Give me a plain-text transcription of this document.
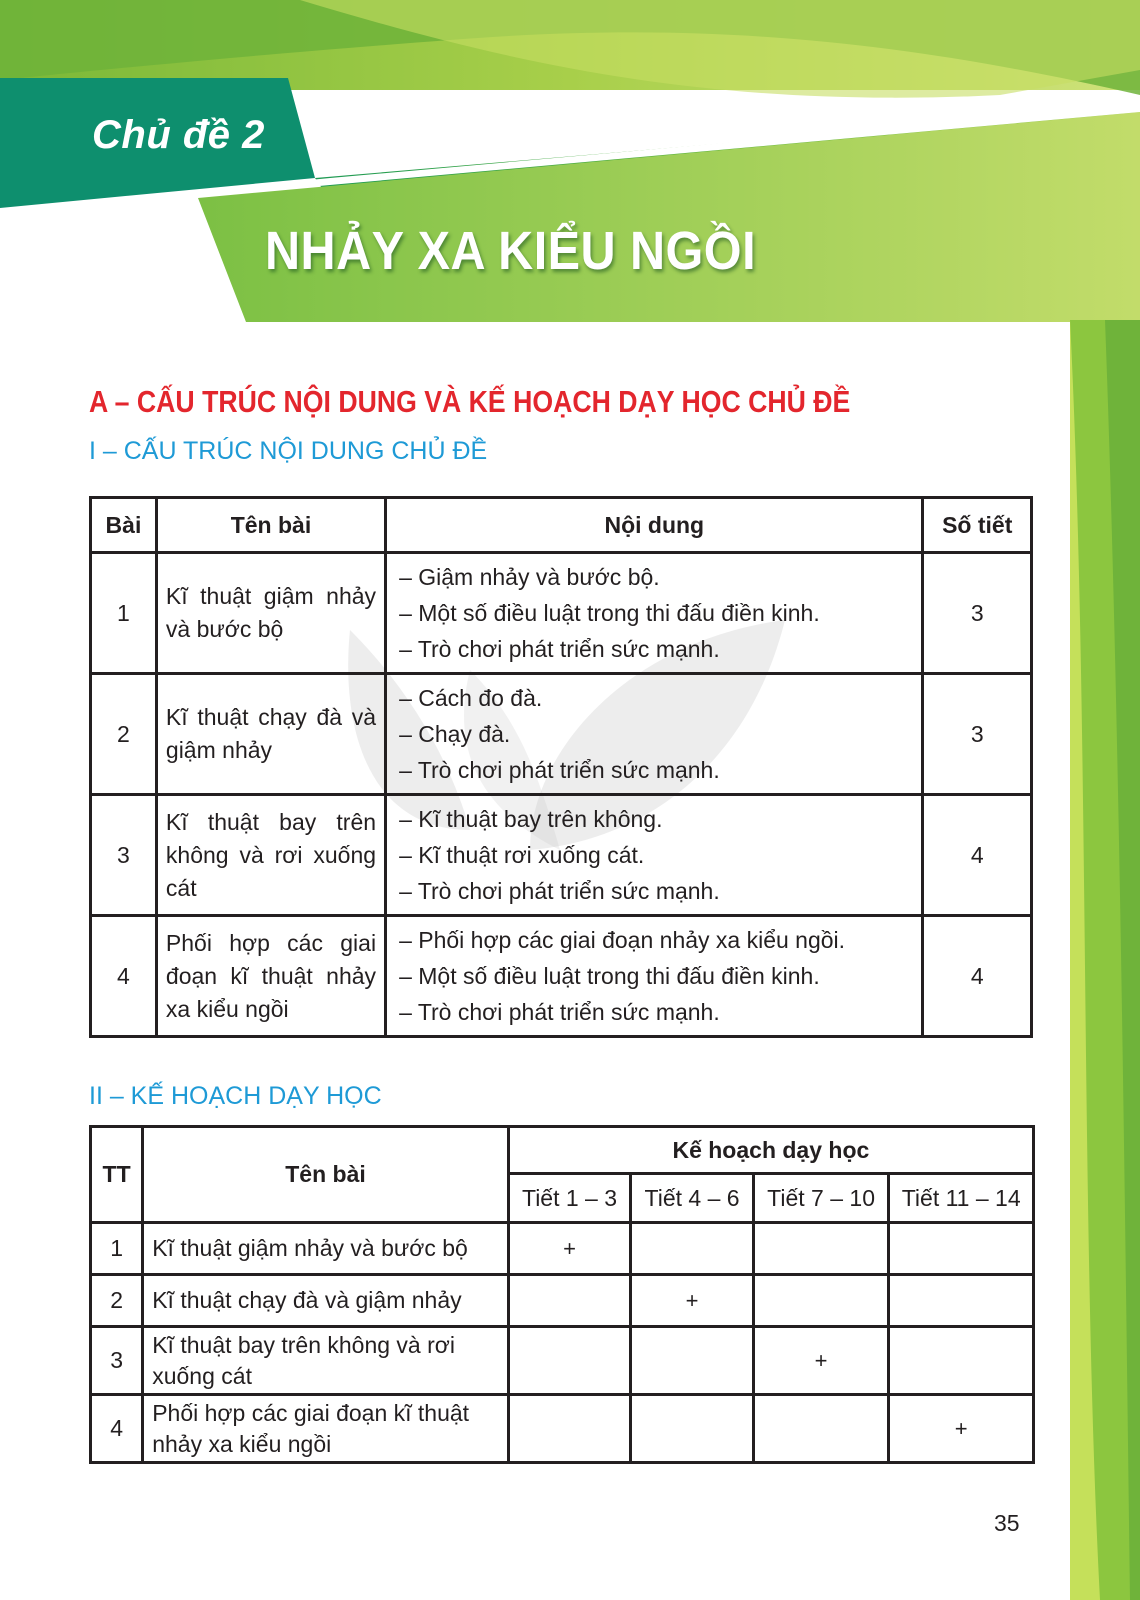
Chủ đề 2
NHẢY XA KIỂU NGỒI
A – CẤU TRÚC NỘI DUNG VÀ KẾ HOẠCH DẠY HỌC CHỦ ĐỀ
I – CẤU TRÚC NỘI DUNG CHỦ ĐỀ
Bài	Tên bài	Nội dung	Số tiết
1	Kĩ thuật giậm nhảy và bước bộ	– Giậm nhảy và bước bộ.
– Một số điều luật trong thi đấu điền kinh.
– Trò chơi phát triển sức mạnh.	3
2	Kĩ thuật chạy đà và giậm nhảy	– Cách đo đà.
– Chạy đà.
– Trò chơi phát triển sức mạnh.	3
3	Kĩ thuật bay trên không và rơi xuống cát	– Kĩ thuật bay trên không.
– Kĩ thuật rơi xuống cát.
– Trò chơi phát triển sức mạnh.	4
4	Phối hợp các giai đoạn kĩ thuật nhảy xa kiểu ngồi	– Phối hợp các giai đoạn nhảy xa kiểu ngồi.
– Một số điều luật trong thi đấu điền kinh.
– Trò chơi phát triển sức mạnh.	4
II – KẾ HOẠCH DẠY HỌC
TT	Tên bài	Kế hoạch dạy học			
		Tiết 1 – 3	Tiết 4 – 6	Tiết 7 – 10	Tiết 11 – 14
1	Kĩ thuật giậm nhảy và bước bộ	+			
2	Kĩ thuật chạy đà và giậm nhảy		+		
3	Kĩ thuật bay trên không và rơi xuống cát			+	
4	Phối hợp các giai đoạn kĩ thuật nhảy xa kiểu ngồi				+
35
